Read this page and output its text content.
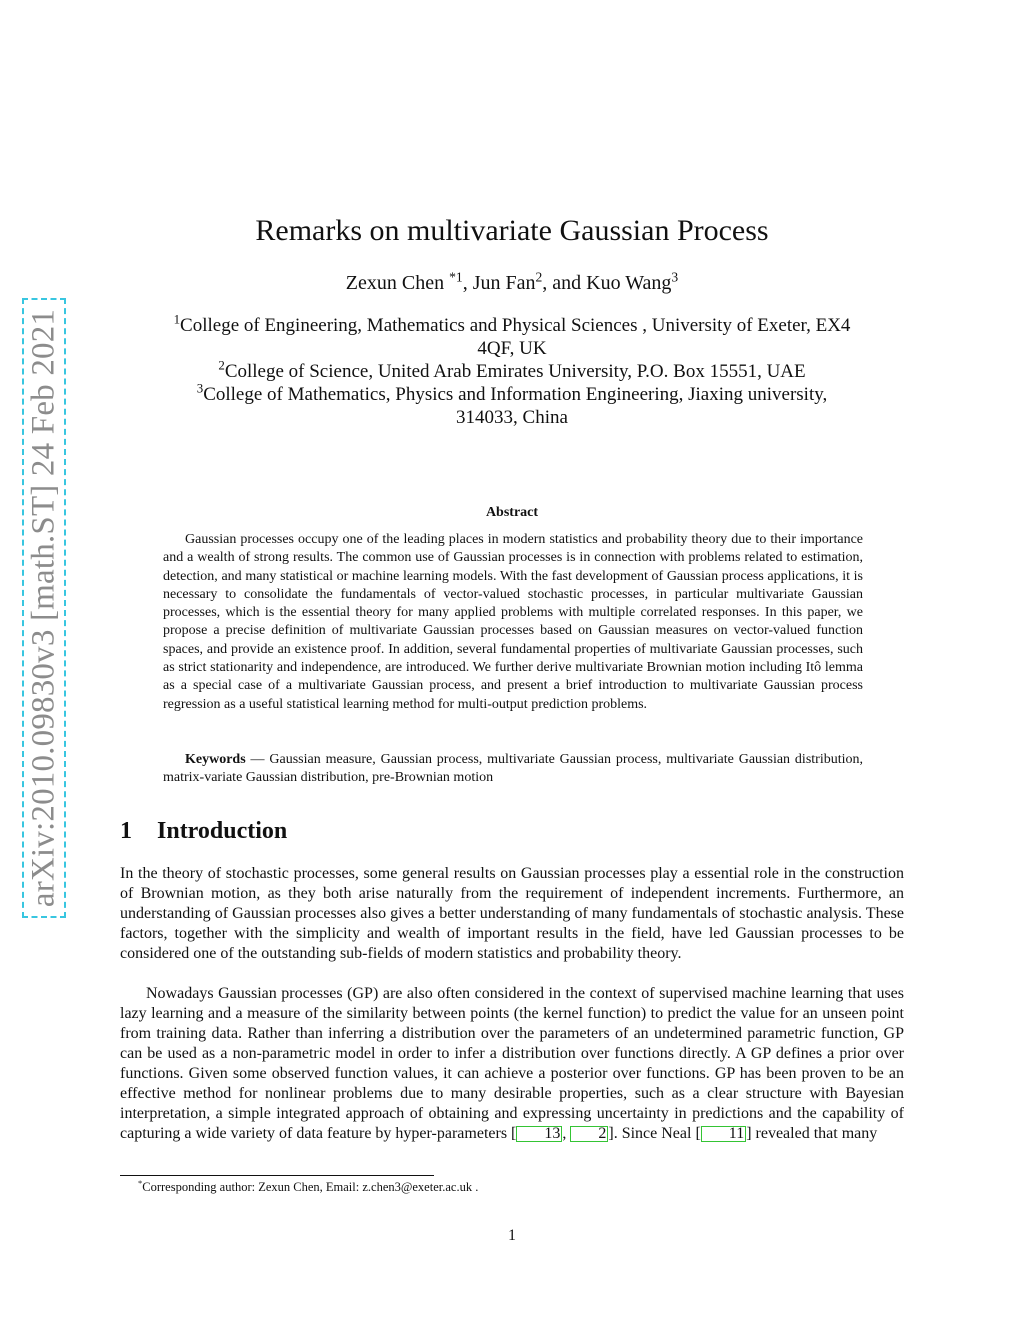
arXiv:2010.09830v3 [math.ST] 24 Feb 2021
Remarks on multivariate Gaussian Process
Zexun Chen $^{*1}$, Jun Fan$^2$, and Kuo Wang$^3$
$^1$College of Engineering, Mathematics and Physical Sciences , University of Exeter, EX4
4QF, UK
$^2$College of Science, United Arab Emirates University, P.O. Box 15551, UAE
$^3$College of Mathematics, Physics and Information Engineering, Jiaxing university,
314033, China
Abstract

Gaussian processes occupy one of the leading places in modern statistics and probability theory due to their importance and a wealth of strong results. The common use of Gaussian processes is in connection with problems related to estimation, detection, and many statistical or machine learning models. With the fast development of Gaussian process applications, it is necessary to consolidate the fundamentals of vector-valued stochastic processes, in particular multivariate Gaussian processes, which is the essential theory for many applied problems with multiple correlated responses. In this paper, we propose a precise definition of multivariate Gaussian processes based on Gaussian measures on vector-valued function spaces, and provide an existence proof. In addition, several fundamental properties of multivariate Gaussian processes, such as strict stationarity and independence, are introduced. We further derive multivariate Brownian motion including Itô lemma as a special case of a multivariate Gaussian process, and present a brief introduction to multivariate Gaussian process regression as a useful statistical learning method for multi-output prediction problems.

Keywords — Gaussian measure, Gaussian process, multivariate Gaussian process, multivariate Gaussian distribution, matrix-variate Gaussian distribution, pre-Brownian motion

1 Introduction

In the theory of stochastic processes, some general results on Gaussian processes play a essential role in the construction of Brownian motion, as they both arise naturally from the requirement of independent increments. Furthermore, an understanding of Gaussian processes also gives a better understanding of many fundamentals of stochastic analysis. These factors, together with the simplicity and wealth of important results in the field, have led Gaussian processes to be considered one of the outstanding sub-fields of modern statistics and probability theory.

Nowadays Gaussian processes (GP) are also often considered in the context of supervised machine learning that uses lazy learning and a measure of the similarity between points (the kernel function) to predict the value for an unseen point from training data. Rather than inferring a distribution over the parameters of an undetermined parametric function, GP can be used as a non-parametric model in order to infer a distribution over functions directly. A GP defines a prior over functions. Given some observed function values, it can achieve a posterior over functions. GP has been proven to be an effective method for nonlinear problems due to many desirable properties, such as a clear structure with Bayesian interpretation, a simple integrated approach of obtaining and expressing uncertainty in predictions and the capability of capturing a wide variety of data feature by hyper-parameters [ 13 , 2 ]. Since Neal [ 11 ] revealed that many

*Corresponding author: Zexun Chen, Email: z.chen3@exeter.ac.uk .
1
